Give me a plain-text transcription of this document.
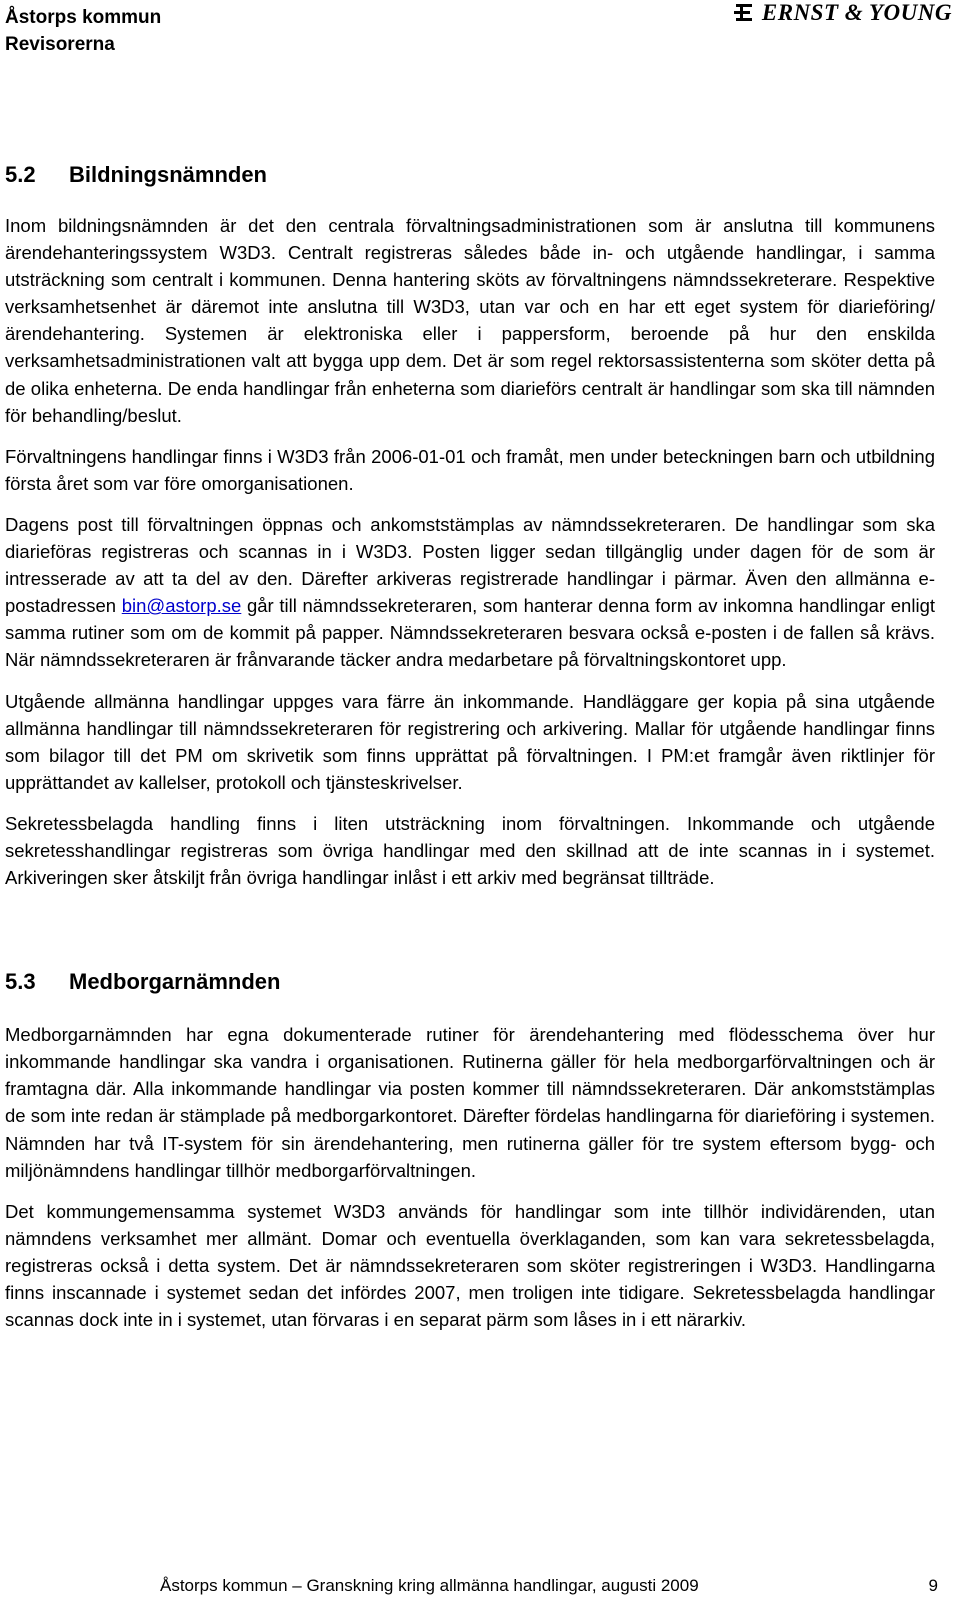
Åstorps kommun
Revisorerna
ERNST & YOUNG
5.2 Bildningsnämnden

Inom bildningsnämnden är det den centrala förvaltningsadministrationen som är anslutna till kommunens ärendehanteringssystem W3D3. Centralt registreras således både in- och utgående handlingar, i samma utsträckning som centralt i kommunen. Denna hantering sköts av förvaltningens nämndssekreterare. Respektive verksamhetsenhet är däremot inte anslutna till W3D3, utan var och en har ett eget system för diarieföring/ärendehantering. Systemen är elektroniska eller i pappersform, beroende på hur den enskilda verksamhetsadministrationen valt att bygga upp dem. Det är som regel rektorsassistenterna som sköter detta på de olika enheterna. De enda handlingar från enheterna som diarieförs centralt är handlingar som ska till nämnden för behandling/beslut.

Förvaltningens handlingar finns i W3D3 från 2006-01-01 och framåt, men under beteckningen barn och utbildning första året som var före omorganisationen.

Dagens post till förvaltningen öppnas och ankomststämplas av nämndssekreteraren. De handlingar som ska diarieföras registreras och scannas in i W3D3. Posten ligger sedan tillgänglig under dagen för de som är intresserade av att ta del av den. Därefter arkiveras registrerade handlingar i pärmar. Även den allmänna e-postadressen bin@astorp.se går till nämndssekreteraren, som hanterar denna form av inkomna handlingar enligt samma rutiner som om de kommit på papper. Nämndssekreteraren besvara också e-posten i de fallen så krävs. När nämndssekreteraren är frånvarande täcker andra medarbetare på förvaltningskontoret upp.

Utgående allmänna handlingar uppges vara färre än inkommande. Handläggare ger kopia på sina utgående allmänna handlingar till nämndssekreteraren för registrering och arkivering. Mallar för utgående handlingar finns som bilagor till det PM om skrivetik som finns upprättat på förvaltningen. I PM:et framgår även riktlinjer för upprättandet av kallelser, protokoll och tjänsteskrivelser.

Sekretessbelagda handling finns i liten utsträckning inom förvaltningen. Inkommande och utgående sekretesshandlingar registreras som övriga handlingar med den skillnad att de inte scannas in i systemet. Arkiveringen sker åtskiljt från övriga handlingar inlåst i ett arkiv med begränsat tillträde.

5.3 Medborgarnämnden

Medborgarnämnden har egna dokumenterade rutiner för ärendehantering med flödesschema över hur inkommande handlingar ska vandra i organisationen. Rutinerna gäller för hela medborgarförvaltningen och är framtagna där. Alla inkommande handlingar via posten kommer till nämndssekreteraren. Där ankomststämplas de som inte redan är stämplade på medborgarkontoret. Därefter fördelas handlingarna för diarieföring i systemen. Nämnden har två IT-system för sin ärendehantering, men rutinerna gäller för tre system eftersom bygg- och miljönämndens handlingar tillhör medborgarförvaltningen.

Det kommungemensamma systemet W3D3 används för handlingar som inte tillhör individärenden, utan nämndens verksamhet mer allmänt. Domar och eventuella överklaganden, som kan vara sekretessbelagda, registreras också i detta system. Det är nämndssekreteraren som sköter registreringen i W3D3. Handlingarna finns inscannade i systemet sedan det infördes 2007, men troligen inte tidigare. Sekretessbelagda handlingar scannas dock inte in i systemet, utan förvaras i en separat pärm som låses in i ett närarkiv.

Åstorps kommun – Granskning kring allmänna handlingar, augusti 2009	9
